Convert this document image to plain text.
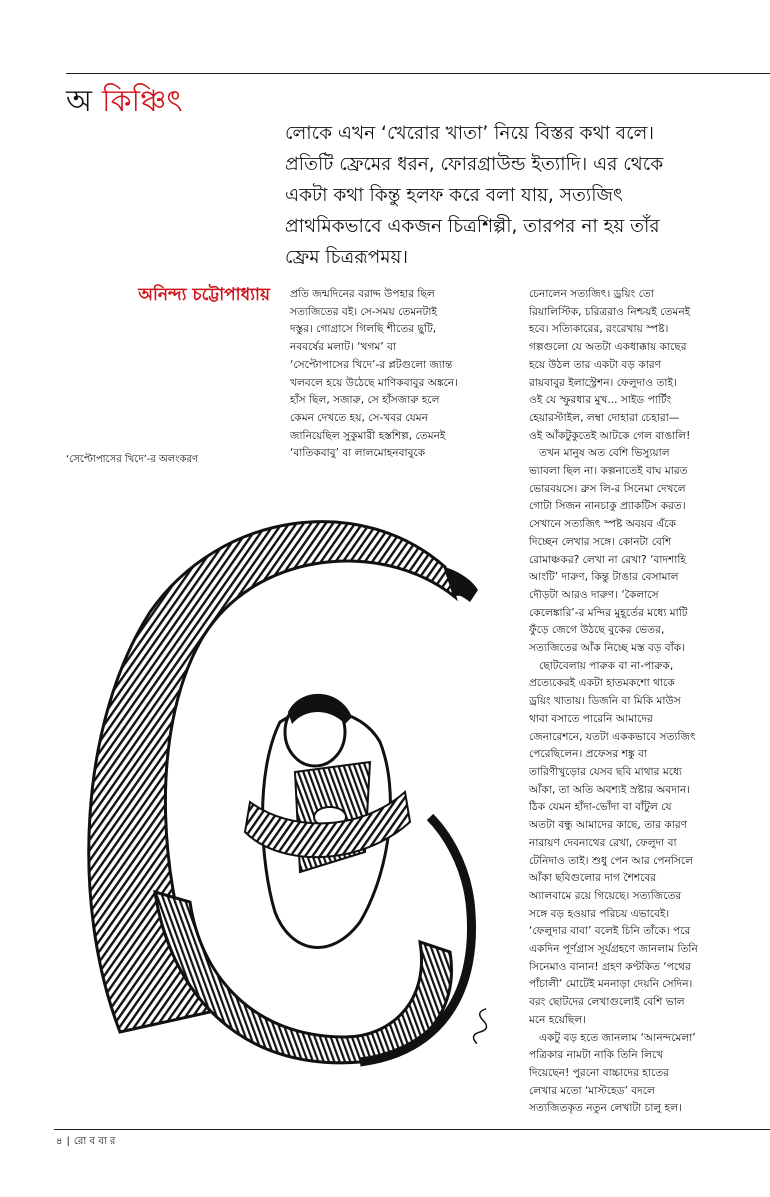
অ কিঞ্চিৎ

লোকে এখন ‘খেরোর খাতা’ নিয়ে বিস্তর কথা বলে।

প্রতিটি ফ্রেমের ধরন, ফোরগ্রাউন্ড ইত্যাদি। এর থেকে

একটা কথা কিন্তু হলফ করে বলা যায়, সত্যজিৎ

প্রাথমিকভাবে একজন চিত্রশিল্পী, তারপর না হয় তাঁর

ফ্রেম চিত্ররূপময়।

অনিন্দ্য চট্টোপাধ্যায় প্রতি জন্মদিনের বরাদ্দ উপহার ছিল
সত্যজিতের বই। সে-সময় তেমনটাই
দস্তুর। গোগ্রাসে গিলছি শীতের ছুটি,
নববর্ষের মলাট। ‘খগম’ বা
‘সেপ্টোপাসের খিদে’-র প্লটগুলো জ্যান্ত
খলবলে হয়ে উঠেছে মাণিকবাবুর অঙ্কনে।
হাঁস ছিল, সজারু, সে হাঁসজারু হলে
কেমন দেখতে হয়, সে-খবর যেমন
জানিয়েছিল সুকুমারী হস্তশিল্প, তেমনই
‘বাতিকবাবু’ বা লালমোহনবাবুকে
চেনালেন সত্যজিৎ। ড্রয়িং তো
রিয়ালিস্টিক, চরিত্ররাও নিশ্চয়ই তেমনই
হবে। সত্যিকারের, রংরেখায় স্পষ্ট।
গল্পগুলো যে অতটা একধাক্কায় কাছের
হয়ে উঠল তার একটা বড় কারণ
রায়বাবুর ইলাস্ট্রেশন। ফেলুদাও তাই।
ওই যে স্ফুরধার মুখ... সাইড পার্টিং
হেয়ারস্টাইল, লম্বা দোহারা চেহারা—
ওই আঁকটুকুতেই আটকে গেল বাঙালি!
তখন মানুষ অত বেশি ভিস্যুয়াল
ভ্যাবলা ছিল না। কল্পনাতেই বাঘ মারত
ভোরবয়সে। ব্রুস লি-র সিনেমা দেখলে
গোটা সিজন নানচাকু প্র্যাকটিস করত।
সেখানে সত্যজিৎ স্পষ্ট অবয়ব এঁকে
দিচ্ছেন লেখার সঙ্গে। কোনটা বেশি
রোমাঞ্চকর? লেখা না রেখা? ‘বাদশাহি
আংটি’ দারুণ, কিন্তু টাঙার বেসামাল
দৌড়টা আরও দারুণ। ‘কৈলাসে
কেলেঙ্কারি’-র মন্দির মুহূর্তের মধ্যে মাটি
ফুঁড়ে জেগে উঠছে বুকের ভেতর,
সত্যজিতের আঁক নিচ্ছে মস্ত বড় বাঁক।
ছোটবেলায় পারুক বা না-পারুক,
প্রত্যেকেরই একটা হাতমকশো থাকে
ড্রয়িং খাতায়। ডিজনি বা মিকি মাউস
থাবা বসাতে পারেনি আমাদের
জেনারেশনে, যতটা এককভাবে সত্যজিৎ
পেরেছিলেন। প্রফেসর শঙ্কু বা
তারিণীখুড়োর যেসব ছবি মাথার মধ্যে
আঁকা, তা অতি অবশ্যই স্রষ্টার অবদান।
ঠিক যেমন হাঁদা-ভোঁদা বা বাঁটুল যে
অতটা বন্ধু আমাদের কাছে, তার কারণ
নারায়ণ দেবনাথের রেখা, ফেলুদা বা
টেনিদাও তাই। শুধু পেন আর পেনসিলে
আঁকা ছবিগুলোর দাগ শৈশবের
অ্যালবামে রয়ে গিয়েছে। সত্যজিতের
সঙ্গে বড় হওয়ার পরিচয় এভাবেই।
‘ফেলুদার বাবা’ বলেই চিনি তাঁকে। পরে
একদিন পূর্ণগ্রাস সূর্যগ্রহণে জানলাম তিনি
সিনেমাও বানান! গ্রহণ কণ্টকিত ‘পথের
পাঁচালী’ মোটেই মননাড়া দেয়নি সেদিন।
বরং ছোটদের লেখাগুলোই বেশি ভাল
মনে হয়েছিল।
একটু বড় হতে জানলাম ‘আনন্দমেলা’
পত্রিকার নামটা নাকি তিনি লিখে
দিয়েছেন! পুরনো বাচ্চাদের হাতের
লেখার মতো ‘মাস্টহেড’ বদলে
সত্যজিতকৃত নতুন লেখাটা চালু হল।
‘সেপ্টোপাসের খিদে’-র অলংকরণ
৪ | রো ব বা র
